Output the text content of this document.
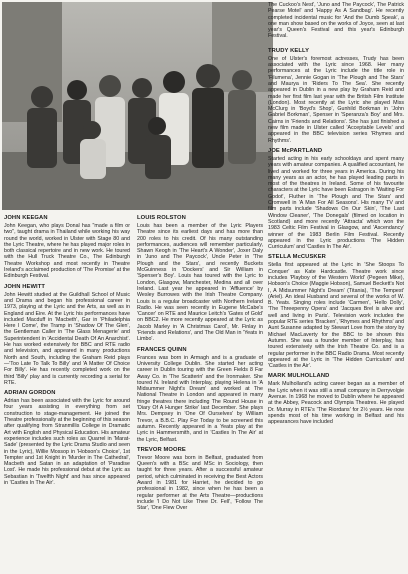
JOHN KEEGAN

John Keegan, who plays Donal has "made a film or two", taught drama in Thailand while working his way round the world, worked in Ulster with Stage 80 and the Lyric Theatre, where he has played major roles in both classical repertoire and in new work. He toured with the Hull Truck Theatre Co., The Edinburgh Theatre Workshop and most recently in Theatre Ireland's acclaimed production of 'The Promise' at the Edinburgh Festival.

JOHN HEWITT

John Hewitt studied at the Guildhall School of Music and Drama and began his professional career in 1973, playing at the Lyric and the Arts, as well as in England and Eire. At the Lyric his performances have included Macduff in 'Macbeth', Gar in 'Philadelphia Here I Come', the Tramp in 'Shadow Of The Glen', the Gentleman Caller in 'The Glass Menagerie' and Superintendent in 'Accidental Death Of An Anarchist'. He has worked extensively for BBC and RTE radio and television, and appeared in many productions North and South, including the Graham Reid plays—'Too Late To Talk To Billy' and 'A Matter Of Choice For Billy'. He has recently completed work on the third 'Billy' play and is currently recording a serial for RTE.

ADRIAN GORDON

Adrian has been associated with the Lyric for around four years assisting in everything from set construction to stage-management. He joined the Theatre professionally at the beginning of this season after qualifying from Stranmillis College in Dramatic Art with English and Physical Education. His amateur experience includes such roles as Quarrel in 'Marat-Sade' (presented by the Lyric Drama Studio and seen in the Lyric), Willie Mossop in 'Hobson's Choice', 1st Tempter and 1st Knight in 'Murder in The Cathedral', Macbeth and Satan in an adaptation of 'Paradise Lost'. He made his professional debut at the Lyric as Sebastian in 'Twelfth Night' and has since appeared in 'Castles In The Air'.

LOUIS ROLSTON

Louis has been a member of the Lyric Players Theatre since its earliest days and has more than 200 roles to his credit. Of his many outstanding performances, audiences will remember particularly, Shawn Keogh in 'The Heart's A Wonder', Joxer Daly in 'Juno and The Paycock', Uncle Peter in 'The Plough and the Stars', and recently Buckets McGuinness in 'Dockers' and Sir William in 'Spenser's Boy'. Louis has toured with the Lyric to London, Glasgow, Manchester, Medina and all over Ireland. Last year he appeared in 'Affluence' by Wesley Burrowes with the Irish Theatre Company. Louis is a regular broadcaster with Northern Ireland Radio. He was seen recently in Eugene McCabe's 'Cancer' on RTE and Maurice Leitch's 'Gates of Gold' on BBC2. He more recently appeared at the Lyric as Jacob Marley in 'A Christmas Carol', Mr. Finlay in 'Friends and Relations', and The Old Man in 'Yeats in Limbo'.

FRANCES QUINN

Frances was born in Armagh and is a graduate of University College Dublin. She started her acting career in Dublin touring with the Green Fields 8 Far Away Co. in 'The Scatterin' and the Ironmaker. She toured N. Ireland with Interplay, playing Helena in 'A Midsummer Night's Dream' and worked at The National Theatre in London and appeared in many fringe theatres there including The Round House in 'Diary Of A Hunger Strike' last December. She plays Mrs. Dempsey in 'One Of Ourselves' by William Trevor, a B.B.C. Play For Today to be screened this autumn. Recently appeared in a Yeats play at the Lyric in Hammersmith, and in 'Castles In The Air' at the Lyric, Belfast.

TREVOR MOORE

Trevor Moore was born in Belfast, graduated from Queen's with a BSc and MSc in Sociology, then taught for three years. After a successful amateur period, which culminated in receiving the Best Actors Award in 1981 for Harriet, he decided to go professional in 1982, since when he has been a regular performer at the Arts Theatre—productions include 'I Do Not Like Thee Dr. Fell', 'Follow The Star', 'One Flew Over

The Cuckoo's Nest', 'Juno and The Paycock', The Patrick Pearse Motel' and 'Happy As A Sandbag'. He recently completed incidental music for 'And the Dumb Speak', a one man show based on the works of Joyce, seen at last year's Queen's Festival and this year's Edinburgh Festival.

TRUDY KELLY

One of Ulster's foremost actresses, Trudy has been associated with the Lyric since 1968. Her many performances at the Lyric include the title role in 'Filumena', Jennie Gogan in 'The Plough and The Stars' and Maurya in 'Riders To The Sea'. She recently appeared in Dublin in a new play by Graham Reid and made her first film last year with the British Film Institute (London). Most recently at the Lyric she played Miss McClurg in 'Boyd's Shop', Gunhild Borkman in 'John Gabriel Borkman', Spenser in 'Speranza's Boy' and Mrs. Cairns in 'Friends and Relations'. She has just finished a new film made in Ulster called 'Acceptable Levels' and appeared in the BBC television series 'Rhymes and Rhythms'.

JOE McPARTLAND

Started acting in his early schooldays and spent many years with amateur companies. A qualified accountant, he lived and worked for three years in America. During his many years as an actor, he has played leading parts in most of the theatres in Ireland. Some of his favourite characters at the Lyric have been Estragon in 'Waiting For Godot', Fluther in 'The Plough and The Stars' and Cromwell in 'A Man For All Seasons'. His many TV and film parts include 'Shadows On Our Skin', 'The Last Window Cleaner', 'The Donegals' (filmed on location in Scotland) and more recently 'Attracta' which won the 1983 Celtic Film Festival in Glasgow, and 'Ascendancy' winner of the 1983 Berlin Film Festival. Recently appeared in the Lyric productions 'The Hidden Curriculum' and 'Castles In The Air'.

STELLA McCUSKER

Stella first appeared at the Lyric in 'She Stoops To Conquer' as Kate Hardcastle. Theatre work since includes 'Playboy of the Western World' (Pegeen Mike), Hobson's Choice (Maggie Hobson), Samuel Beckett's Not I, A Midsummer Night's Dream' (Titania), 'The Tempest' (Ariel). An ideal Husband and several of the works of W. B. Yeats. Singing roles include 'Carmen', 'Hello Dolly', 'The Threepenny Opera' and 'Jacques Brel is alive and well and living in Paris'. Television work includes the popular RTE series 'Bracken', 'Rhymes and Rhythms' and Aunt Susanne adapted by Stewart Love from the story by Michael MacLaverty for the BBC to be shown this Autumn. She was a founder member of Interplay, has toured extensively with the Irish Theatre Co. and is a regular performer in the BBC Radio Drama. Most recently appeared at the Lyric in 'The Hidden Curriculum' and 'Castles in the Air'.

MARK MULHOLLAND

Mark Mulholland's acting career began as a member of the Lyric when it was still a small company in Derryvolgie Avenue. In 1968 he moved to Dublin where he appeared at the Abbey, Peacock and Olympia Theatres. He played Dr. Murray in RTE's 'The Riordans' for 2½ years. He now spends most of his time working in Belfast and his appearances have included
